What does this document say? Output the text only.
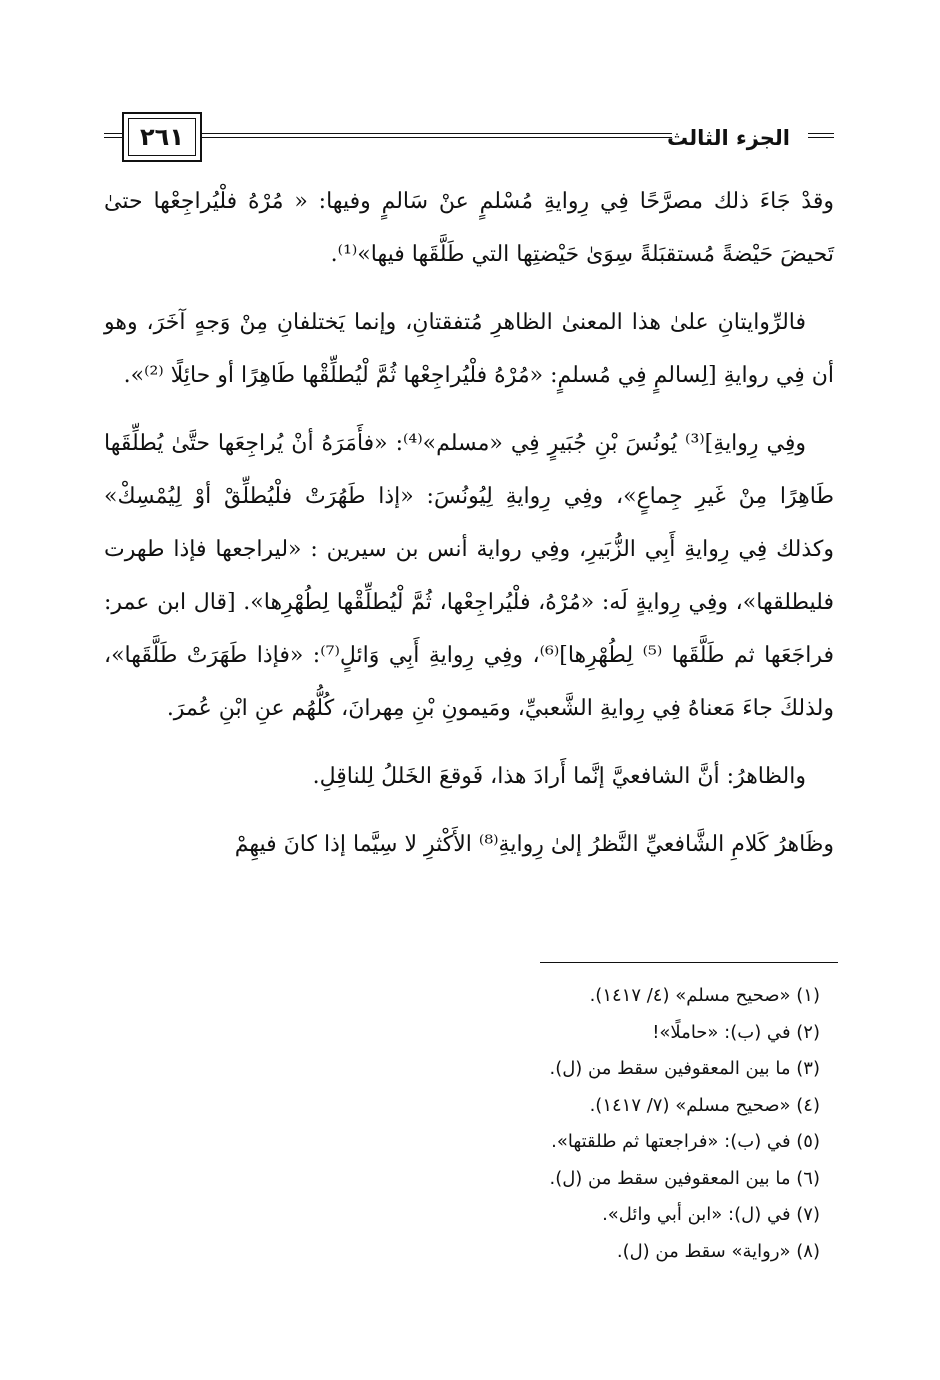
٢٦١	الجزء الثالث

وقدْ جَاءَ ذلك مصرَّحًا فِي رِوايةِ مُسْلمٍ عنْ سَالمٍ وفيها: « مُرْهُ فلْيُراجِعْها حتىٰ تَحيضَ حَيْضةً مُستقبَلةً سِوَىٰ حَيْضتِها التي طَلَّقَها فيها»⁽¹⁾.

فالرِّوايتانِ علىٰ هذا المعنىٰ الظاهرِ مُتفقتانِ، وإنما يَختلفانِ مِنْ وَجهٍ آخَرَ، وهو أن فِي روايةِ [لِسالمٍ فِي مُسلمٍ: «مُرْهُ فلْيُراجِعْها ثُمَّ لْيُطلِّقْها طَاهِرًا أو حائِلًا ⁽²⁾».

وفِي رِوايةِ]⁽³⁾ يُونُسَ بْنِ جُبَيرٍ فِي «مسلم»⁽⁴⁾: «فأَمَرَهُ أنْ يُراجِعَها حتَّىٰ يُطلِّقَها طَاهِرًا مِنْ غَيرِ جِماعٍ»، وفِي رِوايةِ لِيُونُسَ: «إذا طَهُرَتْ فلْيُطلِّقْ أوْ لِيُمْسِكْ» وكذلك فِي رِوايةِ أَبِي الزُّبَيرِ، وفِي رواية أنس بن سيرين : «ليراجعها فإذا طهرت فليطلقها»، وفِي رِوايةٍ لَه: «مُرْهُ، فلْيُراجِعْها، ثُمَّ لْيُطلِّقْها لِطُهْرِها». [قال ابن عمر: فراجَعَها ثم طَلَّقَها ⁽⁵⁾ لِطُهْرِها]⁽⁶⁾، وفِي رِوايةِ أَبِي وَائلٍ⁽⁷⁾: «فإذا طَهَرَتْ طَلَّقَها»، ولذلكَ جاءَ مَعناهُ فِي رِوايةِ الشَّعبيِّ، ومَيمونِ بْنِ مِهرانَ، كُلُّهُم عنِ ابْنِ عُمرَ.

والظاهرُ: أنَّ الشافعيَّ إنَّما أَرادَ هذا، فَوقعَ الخَللُ لِلناقِلِ.

وظَاهرُ كَلامِ الشَّافعيِّ النَّظرُ إلىٰ رِوايةِ⁽⁸⁾ الأَكْثرِ لا سِيَّما إذا كانَ فيهِمْ

(١) «صحيح مسلم» (٤/ ١٤١٧).
(٢) في (ب): «حاملًا»!
(٣) ما بين المعقوفين سقط من (ل).
(٤) «صحيح مسلم» (٧/ ١٤١٧).
(٥) في (ب): «فراجعتها ثم طلقتها».
(٦) ما بين المعقوفين سقط من (ل).
(٧) في (ل): «ابن أبي وائل».
(٨) «رواية» سقط من (ل).
